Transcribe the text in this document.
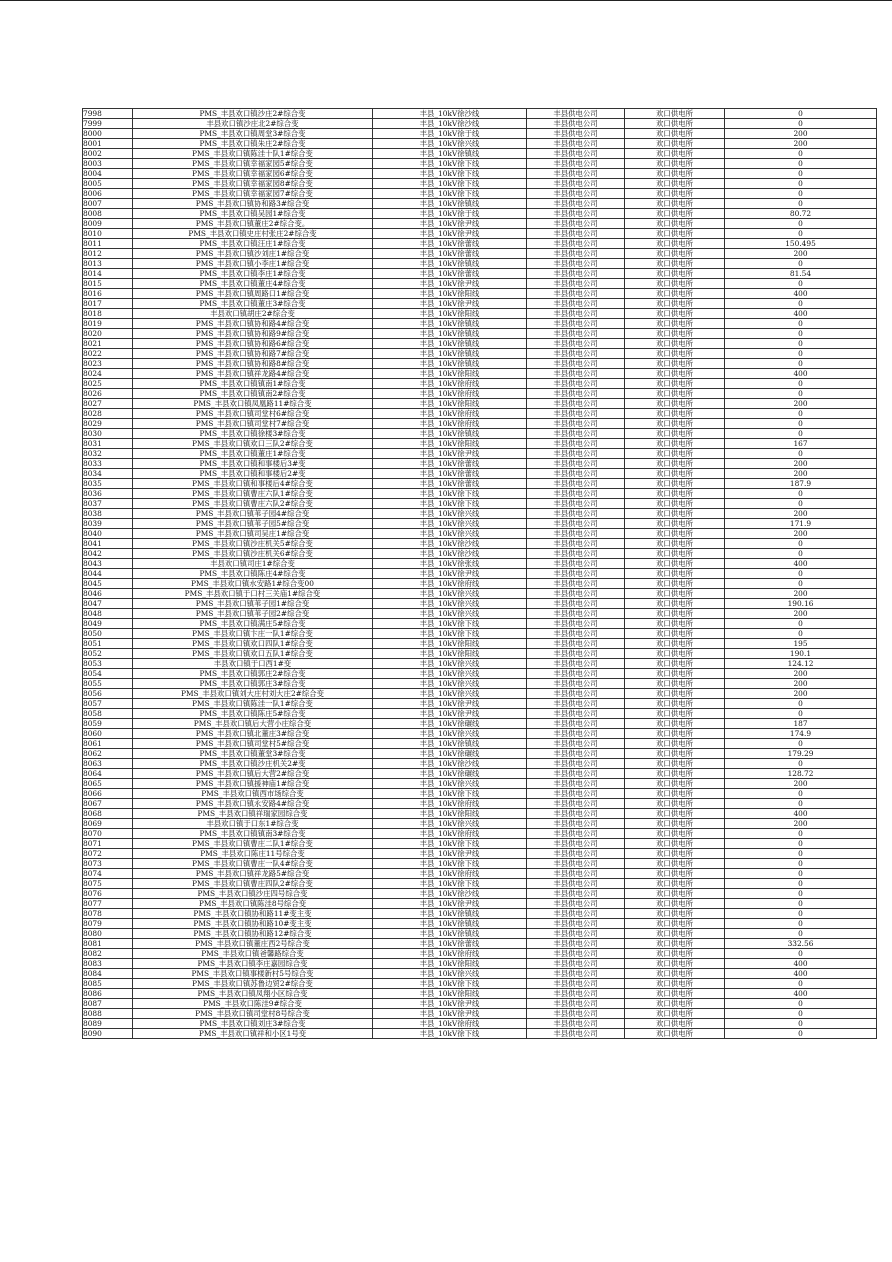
7998	PMS_丰县欢口镇沙庄2#综合变	丰县_10kV徐沙线	丰县供电公司	欢口供电所	0
7999	丰县欢口镇沙庄北2#综合变	丰县_10kV徐沙线	丰县供电公司	欢口供电所	0
8000	PMS_丰县欢口镇周堂3#综合变	丰县_10kV徐于线	丰县供电公司	欢口供电所	200
8001	PMS_丰县欢口镇朱庄2#综合变	丰县_10kV徐兴线	丰县供电公司	欢口供电所	200
8002	PMS_丰县欢口镇陈洼十队1#综合变	丰县_10kV徐镇线	丰县供电公司	欢口供电所	0
8003	PMS_丰县欢口镇幸福家园5#综合变	丰县_10kV徐下线	丰县供电公司	欢口供电所	0
8004	PMS_丰县欢口镇幸福家园6#综合变	丰县_10kV徐下线	丰县供电公司	欢口供电所	0
8005	PMS_丰县欢口镇幸福家园8#综合变	丰县_10kV徐下线	丰县供电公司	欢口供电所	0
8006	PMS_丰县欢口镇幸福家园7#综合变	丰县_10kV徐下线	丰县供电公司	欢口供电所	0
8007	PMS_丰县欢口镇协和路3#综合变	丰县_10kV徐镇线	丰县供电公司	欢口供电所	0
8008	PMS_丰县欢口镇吴园1#综合变	丰县_10kV徐于线	丰县供电公司	欢口供电所	80.72
8009	PMS_丰县欢口镇董庄2#综合变。	丰县_10kV徐尹线	丰县供电公司	欢口供电所	0
8010	PMS_丰县欢口镇史庄村张庄2#综合变	丰县_10kV徐尹线	丰县供电公司	欢口供电所	0
8011	PMS_丰县欢口镇汪庄1#综合变	丰县_10kV徐蕾线	丰县供电公司	欢口供电所	150.495
8012	PMS_丰县欢口镇沙刘庄1#综合变	丰县_10kV徐蕾线	丰县供电公司	欢口供电所	200
8013	PMS_丰县欢口镇小李庄1#综合变	丰县_10kV徐镇线	丰县供电公司	欢口供电所	0
8014	PMS_丰县欢口镇李庄1#综合变	丰县_10kV徐蕾线	丰县供电公司	欢口供电所	81.54
8015	PMS_丰县欢口镇董庄4#综合变	丰县_10kV徐尹线	丰县供电公司	欢口供电所	0
8016	PMS_丰县欢口镇周路口1#综合变	丰县_10kV徐阳线	丰县供电公司	欢口供电所	400
8017	PMS_丰县欢口镇董庄3#综合变	丰县_10kV徐尹线	丰县供电公司	欢口供电所	0
8018	丰县欢口镇胡庄2#综合变	丰县_10kV徐阳线	丰县供电公司	欢口供电所	400
8019	PMS_丰县欢口镇协和路4#综合变	丰县_10kV徐镇线	丰县供电公司	欢口供电所	0
8020	PMS_丰县欢口镇协和路9#综合变	丰县_10kV徐镇线	丰县供电公司	欢口供电所	0
8021	PMS_丰县欢口镇协和路6#综合变	丰县_10kV徐镇线	丰县供电公司	欢口供电所	0
8022	PMS_丰县欢口镇协和路7#综合变	丰县_10kV徐镇线	丰县供电公司	欢口供电所	0
8023	PMS_丰县欢口镇协和路8#综合变	丰县_10kV徐镇线	丰县供电公司	欢口供电所	0
8024	PMS_丰县欢口镇祥龙路4#综合变	丰县_10kV徐阳线	丰县供电公司	欢口供电所	400
8025	PMS_丰县欢口镇镇南1#综合变	丰县_10kV徐府线	丰县供电公司	欢口供电所	0
8026	PMS_丰县欢口镇镇南2#综合变	丰县_10kV徐府线	丰县供电公司	欢口供电所	0
8027	PMS_丰县欢口镇凤凰路11#综合变	丰县_10kV徐阳线	丰县供电公司	欢口供电所	200
8028	PMS_丰县欢口镇司堂村6#综合变	丰县_10kV徐府线	丰县供电公司	欢口供电所	0
8029	PMS_丰县欢口镇司堂村7#综合变	丰县_10kV徐府线	丰县供电公司	欢口供电所	0
8030	PMS_丰县欢口镇徐楼3#综合变	丰县_10kV徐镇线	丰县供电公司	欢口供电所	0
8031	PMS_丰县欢口镇欢口三队2#综合变	丰县_10kV徐阳线	丰县供电公司	欢口供电所	167
8032	PMS_丰县欢口镇董庄1#综合变	丰县_10kV徐尹线	丰县供电公司	欢口供电所	0
8033	PMS_丰县欢口镇和事楼后3#变	丰县_10kV徐蕾线	丰县供电公司	欢口供电所	200
8034	PMS_丰县欢口镇和事楼后2#变	丰县_10kV徐蕾线	丰县供电公司	欢口供电所	200
8035	PMS_丰县欢口镇和事楼后4#综合变	丰县_10kV徐蕾线	丰县供电公司	欢口供电所	187.9
8036	PMS_丰县欢口镇曹庄六队1#综合变	丰县_10kV徐下线	丰县供电公司	欢口供电所	0
8037	PMS_丰县欢口镇曹庄六队2#综合变	丰县_10kV徐下线	丰县供电公司	欢口供电所	0
8038	PMS_丰县欢口镇苇子园4#综合变	丰县_10kV徐兴线	丰县供电公司	欢口供电所	200
8039	PMS_丰县欢口镇苇子园5#综合变	丰县_10kV徐兴线	丰县供电公司	欢口供电所	171.9
8040	PMS_丰县欢口镇司吴庄1#综合变	丰县_10kV徐兴线	丰县供电公司	欢口供电所	200
8041	PMS_丰县欢口镇沙庄机关5#综合变	丰县_10kV徐沙线	丰县供电公司	欢口供电所	0
8042	PMS_丰县欢口镇沙庄机关6#综合变	丰县_10kV徐沙线	丰县供电公司	欢口供电所	0
8043	丰县欢口镇司庄1#综合变	丰县_10kV徐张线	丰县供电公司	欢口供电所	400
8044	PMS_丰县欢口镇陈庄4#综合变	丰县_10kV徐尹线	丰县供电公司	欢口供电所	0
8045	PMS_丰县欢口镇水安路1#综合变00	丰县_10kV徐府线	丰县供电公司	欢口供电所	0
8046	PMS_丰县欢口镇于口村三关庙1#综合变	丰县_10kV徐兴线	丰县供电公司	欢口供电所	200
8047	PMS_丰县欢口镇苇子园1#综合变	丰县_10kV徐兴线	丰县供电公司	欢口供电所	190.16
8048	PMS_丰县欢口镇苇子园2#综合变	丰县_10kV徐兴线	丰县供电公司	欢口供电所	200
8049	PMS_丰县欢口镇满庄5#综合变	丰县_10kV徐下线	丰县供电公司	欢口供电所	0
8050	PMS_丰县欢口镇卞庄一队1#综合变	丰县_10kV徐下线	丰县供电公司	欢口供电所	0
8051	PMS_丰县欢口镇欢口四队1#综合变	丰县_10kV徐阳线	丰县供电公司	欢口供电所	195
8052	PMS_丰县欢口镇欢口五队1#综合变	丰县_10kV徐阳线	丰县供电公司	欢口供电所	190.1
8053	丰县欢口镇于口西1#变	丰县_10kV徐兴线	丰县供电公司	欢口供电所	124.12
8054	PMS_丰县欢口镇郭庄2#综合变	丰县_10kV徐兴线	丰县供电公司	欢口供电所	200
8055	PMS_丰县欢口镇郭庄3#综合变	丰县_10kV徐兴线	丰县供电公司	欢口供电所	200
8056	PMS_丰县欢口镇刘大庄村刘大庄2#综合变	丰县_10kV徐兴线	丰县供电公司	欢口供电所	200
8057	PMS_丰县欢口镇陈洼一队1#综合变	丰县_10kV徐尹线	丰县供电公司	欢口供电所	0
8058	PMS_丰县欢口镇陈庄5#综合变	丰县_10kV徐尹线	丰县供电公司	欢口供电所	0
8059	PMS_丰县欢口镇后大营小庄综合变	丰县_10kV徐碾线	丰县供电公司	欢口供电所	187
8060	PMS_丰县欢口镇北董庄3#综合变	丰县_10kV徐兴线	丰县供电公司	欢口供电所	174.9
8061	PMS_丰县欢口镇司堂村5#综合变	丰县_10kV徐镇线	丰县供电公司	欢口供电所	0
8062	PMS_丰县欢口镇董堂3#综合变	丰县_10kV徐碾线	丰县供电公司	欢口供电所	179.29
8063	PMS_丰县欢口镇沙庄机关2#变	丰县_10kV徐沙线	丰县供电公司	欢口供电所	0
8064	PMS_丰县欢口镇后大营2#综合变	丰县_10kV徐碾线	丰县供电公司	欢口供电所	128.72
8065	PMS_丰县欢口镇援神庙1#综合变	丰县_10kV徐兴线	丰县供电公司	欢口供电所	200
8066	PMS_丰县欢口镇西市场综合变	丰县_10kV徐下线	丰县供电公司	欢口供电所	0
8067	PMS_丰县欢口镇永安路4#综合变	丰县_10kV徐府线	丰县供电公司	欢口供电所	0
8068	PMS_丰县欢口镇祥瑞家园综合变	丰县_10kV徐阳线	丰县供电公司	欢口供电所	400
8069	丰县欢口镇于口东1#综合变	丰县_10kV徐兴线	丰县供电公司	欢口供电所	200
8070	PMS_丰县欢口镇镇南3#综合变	丰县_10kV徐府线	丰县供电公司	欢口供电所	0
8071	PMS_丰县欢口镇曹庄二队1#综合变	丰县_10kV徐下线	丰县供电公司	欢口供电所	0
8072	PMS_丰县欢口陈庄11号综合变	丰县_10kV徐尹线	丰县供电公司	欢口供电所	0
8073	PMS_丰县欢口镇曹庄一队4#综合变	丰县_10kV徐下线	丰县供电公司	欢口供电所	0
8074	PMS_丰县欢口镇祥龙路5#综合变	丰县_10kV徐府线	丰县供电公司	欢口供电所	0
8075	PMS_丰县欢口镇曹庄四队2#综合变	丰县_10kV徐下线	丰县供电公司	欢口供电所	0
8076	PMS_丰县欢口镇沙庄四号综合变	丰县_10kV徐沙线	丰县供电公司	欢口供电所	0
8077	PMS_丰县欢口镇陈洼8号综合变	丰县_10kV徐尹线	丰县供电公司	欢口供电所	0
8078	PMS_丰县欢口镇协和路11#变主变	丰县_10kV徐镇线	丰县供电公司	欢口供电所	0
8079	PMS_丰县欢口镇协和路10#变主变	丰县_10kV徐镇线	丰县供电公司	欢口供电所	0
8080	PMS_丰县欢口镇协和路12#综合变	丰县_10kV徐镇线	丰县供电公司	欢口供电所	0
8081	PMS_丰县欢口镇董庄西2号综合变	丰县_10kV徐蕾线	丰县供电公司	欢口供电所	332.56
8082	PMS_丰县欢口镇爸馨路综合变	丰县_10kV徐府线	丰县供电公司	欢口供电所	0
8083	PMS_丰县欢口镇李庄嘉园综合变	丰县_10kV徐阳线	丰县供电公司	欢口供电所	400
8084	PMS_丰县欢口镇事楼新村5号综合变	丰县_10kV徐兴线	丰县供电公司	欢口供电所	400
8085	PMS_丰县欢口镇苏鲁边贸2#综合变	丰县_10kV徐下线	丰县供电公司	欢口供电所	0
8086	PMS_丰县欢口镇凤翔小区综合变	丰县_10kV徐阳线	丰县供电公司	欢口供电所	400
8087	PMS_丰县欢口陈洼9#综合变	丰县_10kV徐尹线	丰县供电公司	欢口供电所	0
8088	PMS_丰县欢口镇司堂村8号综合变	丰县_10kV徐尹线	丰县供电公司	欢口供电所	0
8089	PMS_丰县欢口镇刘庄3#综合变	丰县_10kV徐府线	丰县供电公司	欢口供电所	0
8090	PMS_丰县欢口镇祥和小区1号变	丰县_10kV徐下线	丰县供电公司	欢口供电所	0
